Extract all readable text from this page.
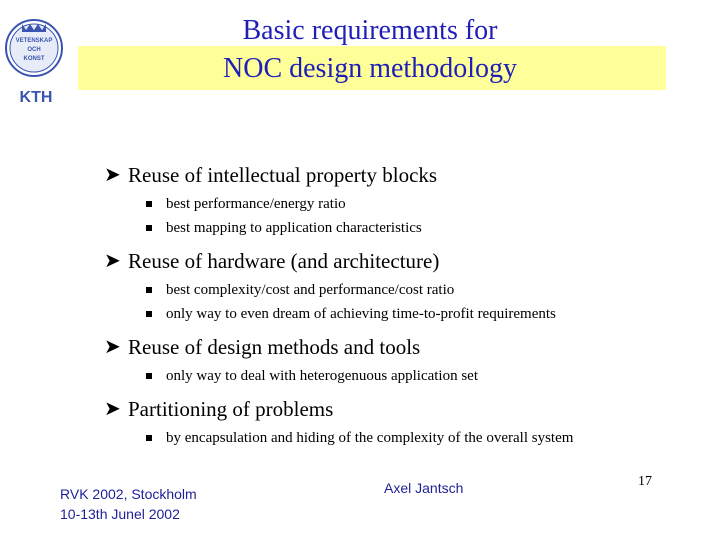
VETENSKAP
OCH
KONST
KTH
Basic requirements for
NOC design methodology
➤ Reuse of intellectual property blocks
best performance/energy ratio
best mapping to application characteristics
➤ Reuse of hardware (and architecture)
best complexity/cost and performance/cost ratio
only way to even dream of achieving time-to-profit requirements
➤ Reuse of design methods and tools
only way to deal with heterogenuous application set
➤ Partitioning of problems
by encapsulation and hiding of the complexity of the overall system
RVK 2002, Stockholm
10-13th Junel 2002
Axel Jantsch	17
